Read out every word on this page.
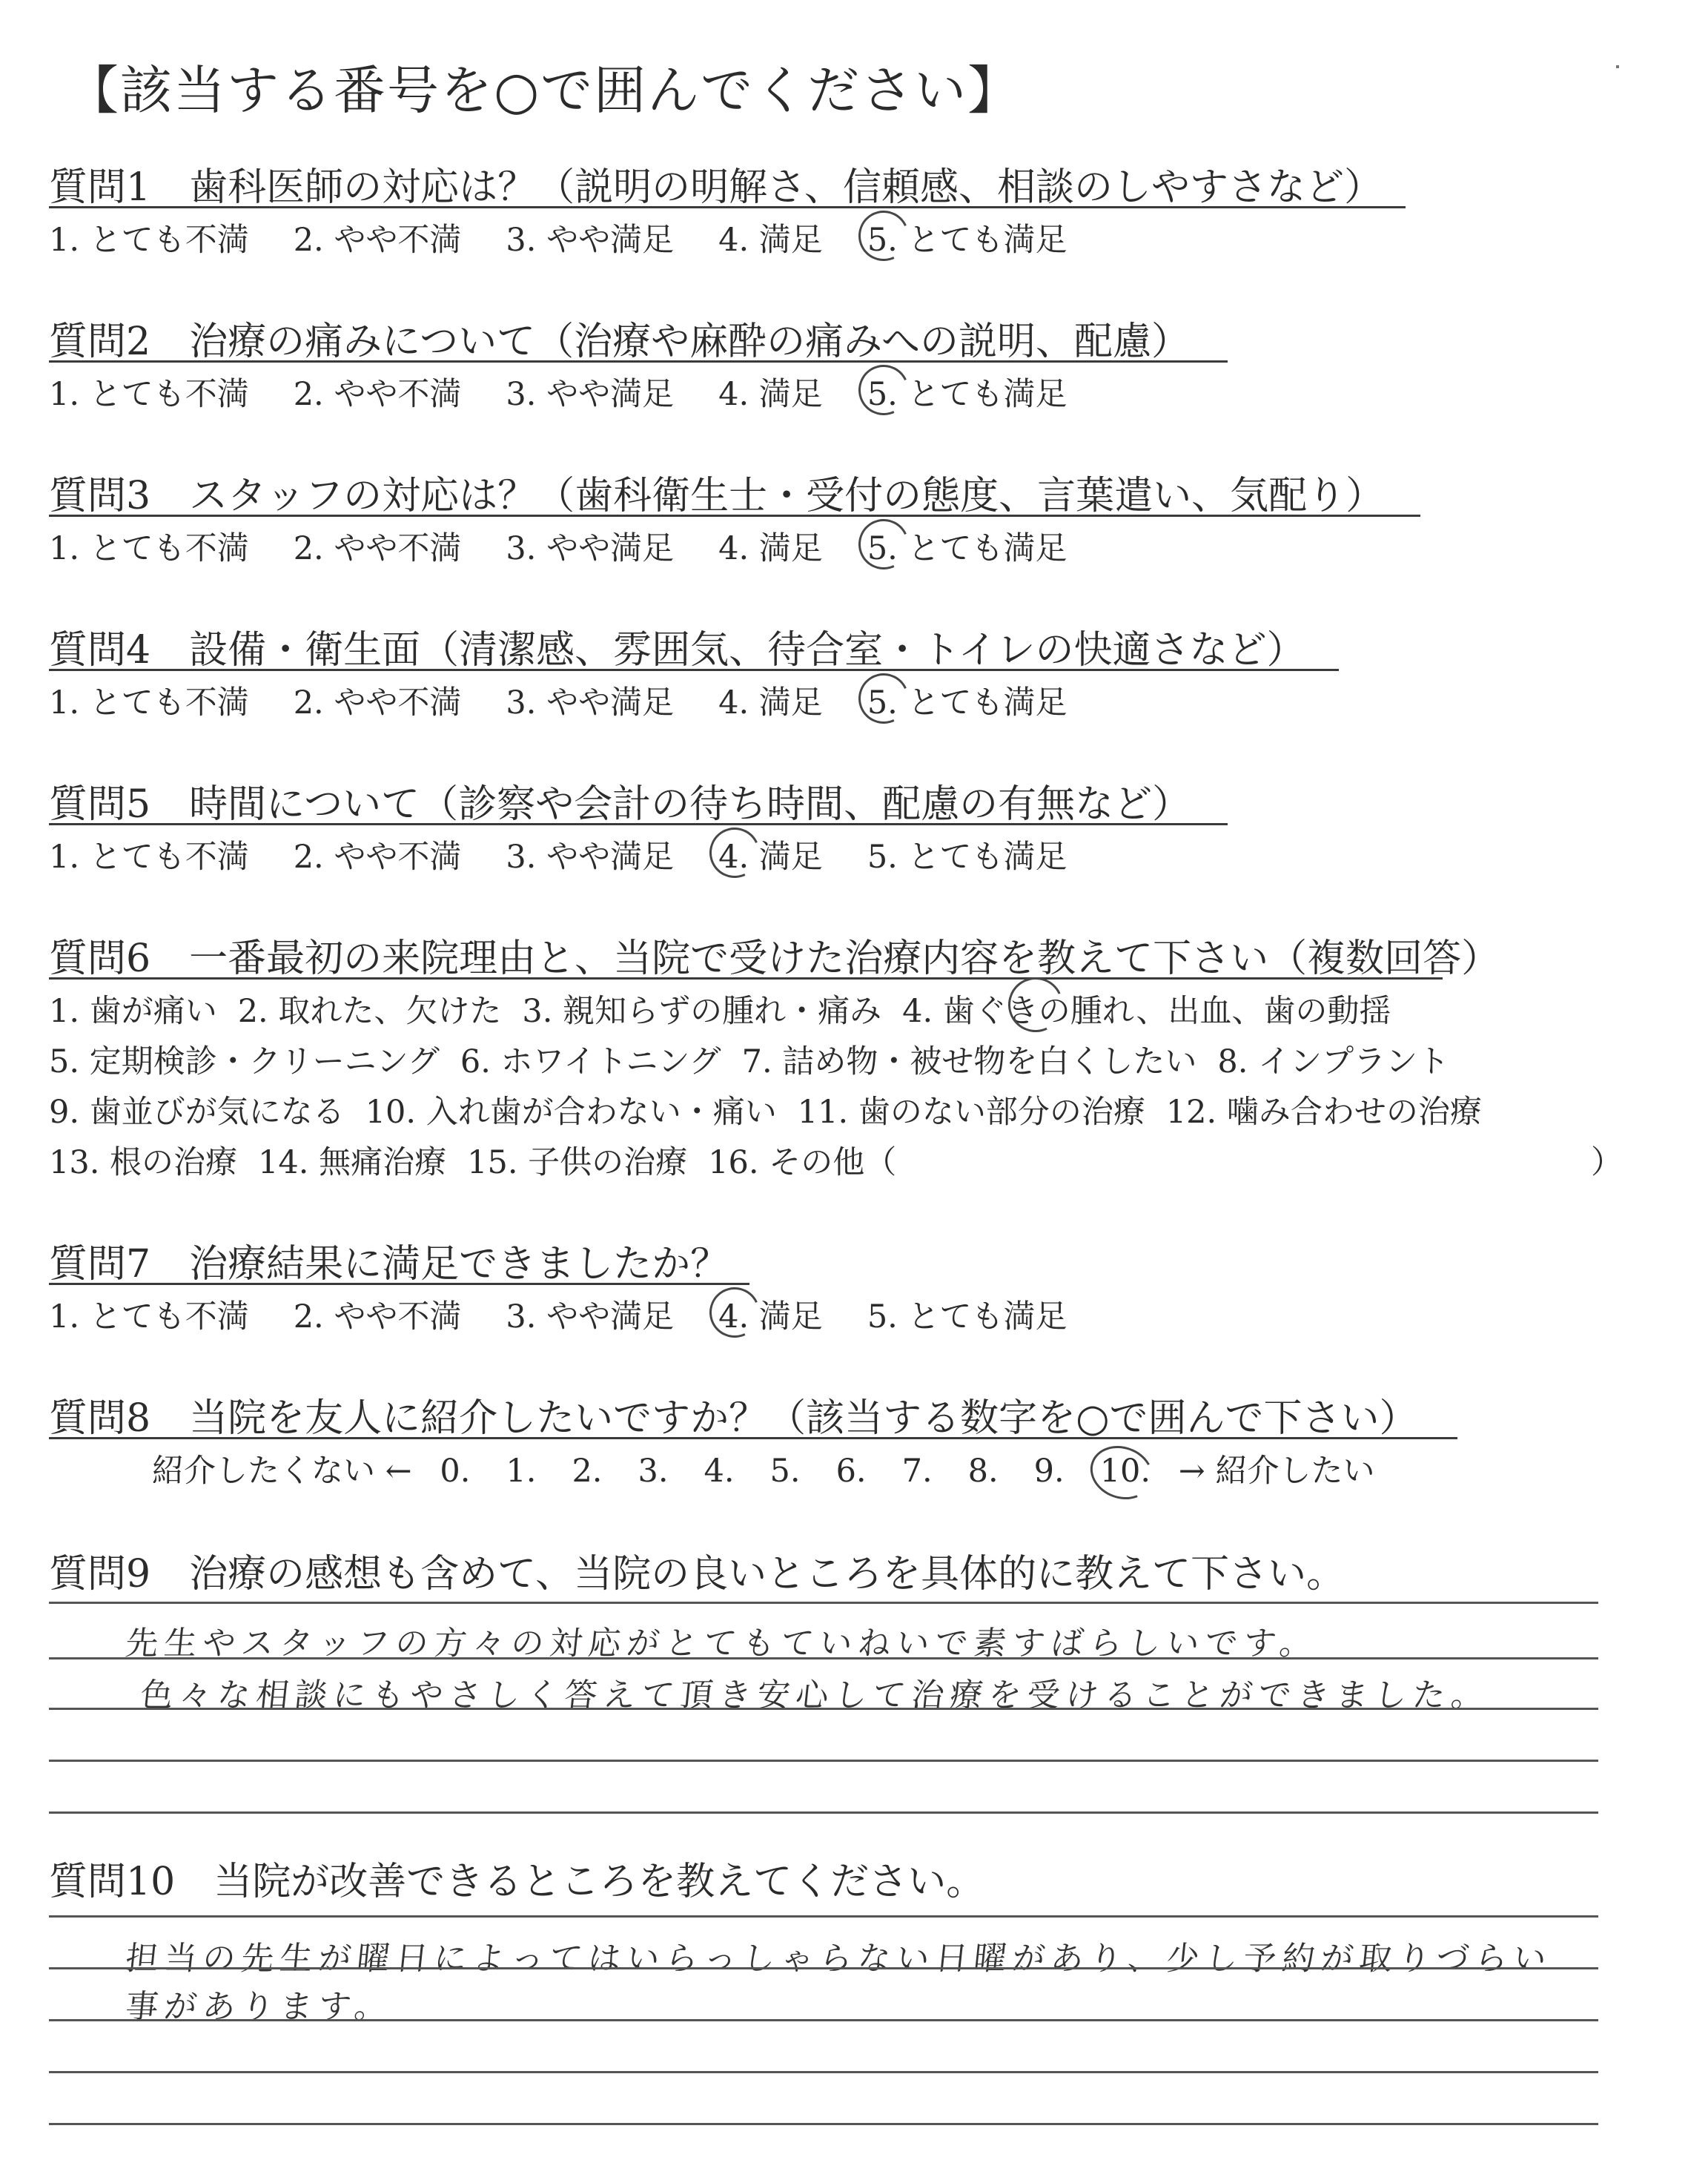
【該当する番号を○で囲んでください】
質問1　 歯科医師の対応は？（説明の明解さ、信頼感、相談のしやすさなど）
1. とても不満 2. やや不満 3. やや満足 4. 満足 5. とても満足
質問2　 治療の痛みについて（治療や麻酔の痛みへの説明、配慮）
1. とても不満 2. やや不満 3. やや満足 4. 満足 5. とても満足
質問3　 スタッフの対応は？（歯科衛生士・受付の態度、言葉遣い、気配り）
1. とても不満 2. やや不満 3. やや満足 4. 満足 5. とても満足
質問4　 設備・衛生面（清潔感、雰囲気、待合室・トイレの快適さなど）
1. とても不満 2. やや不満 3. やや満足 4. 満足 5. とても満足
質問5　 時間について（診察や会計の待ち時間、配慮の有無など）
1. とても不満 2. やや不満 3. やや満足 4. 満足 5. とても満足
質問6　 一番最初の来院理由と、当院で受けた治療内容を教えて下さい（複数回答）
1. 歯が痛い 2. 取れた、欠けた 3. 親知らずの腫れ・痛み 4. 歯ぐきの腫れ、出血、歯の動揺
5. 定期検診・クリーニング 6. ホワイトニング 7. 詰め物・被せ物を白くしたい 8. インプラント
9. 歯並びが気になる 10. 入れ歯が合わない・痛い 11. 歯のない部分の治療 12. 噛み合わせの治療
13. 根の治療 14. 無痛治療 15. 子供の治療 16. その他（	）
質問7　 治療結果に満足できましたか？
1. とても不満 2. やや不満 3. やや満足 4. 満足 5. とても満足
質問8　 当院を友人に紹介したいですか？（該当する数字を○で囲んで下さい）
紹介したくない ← 0. 1. 2. 3. 4. 5. 6. 7. 8. 9. 10. → 紹介したい
質問9　 治療の感想も含めて、当院の良いところを具体的に教えて下さい。
先生やスタッフの方々の対応がとてもていねいで素すばらしいです。
色々な相談にもやさしく答えて頂き安心して治療を受けることができました。
質問10　 当院が改善できるところを教えてください。
担当の先生が曜日によってはいらっしゃらない日曜があり、少し予約が取りづらい
事があります。
